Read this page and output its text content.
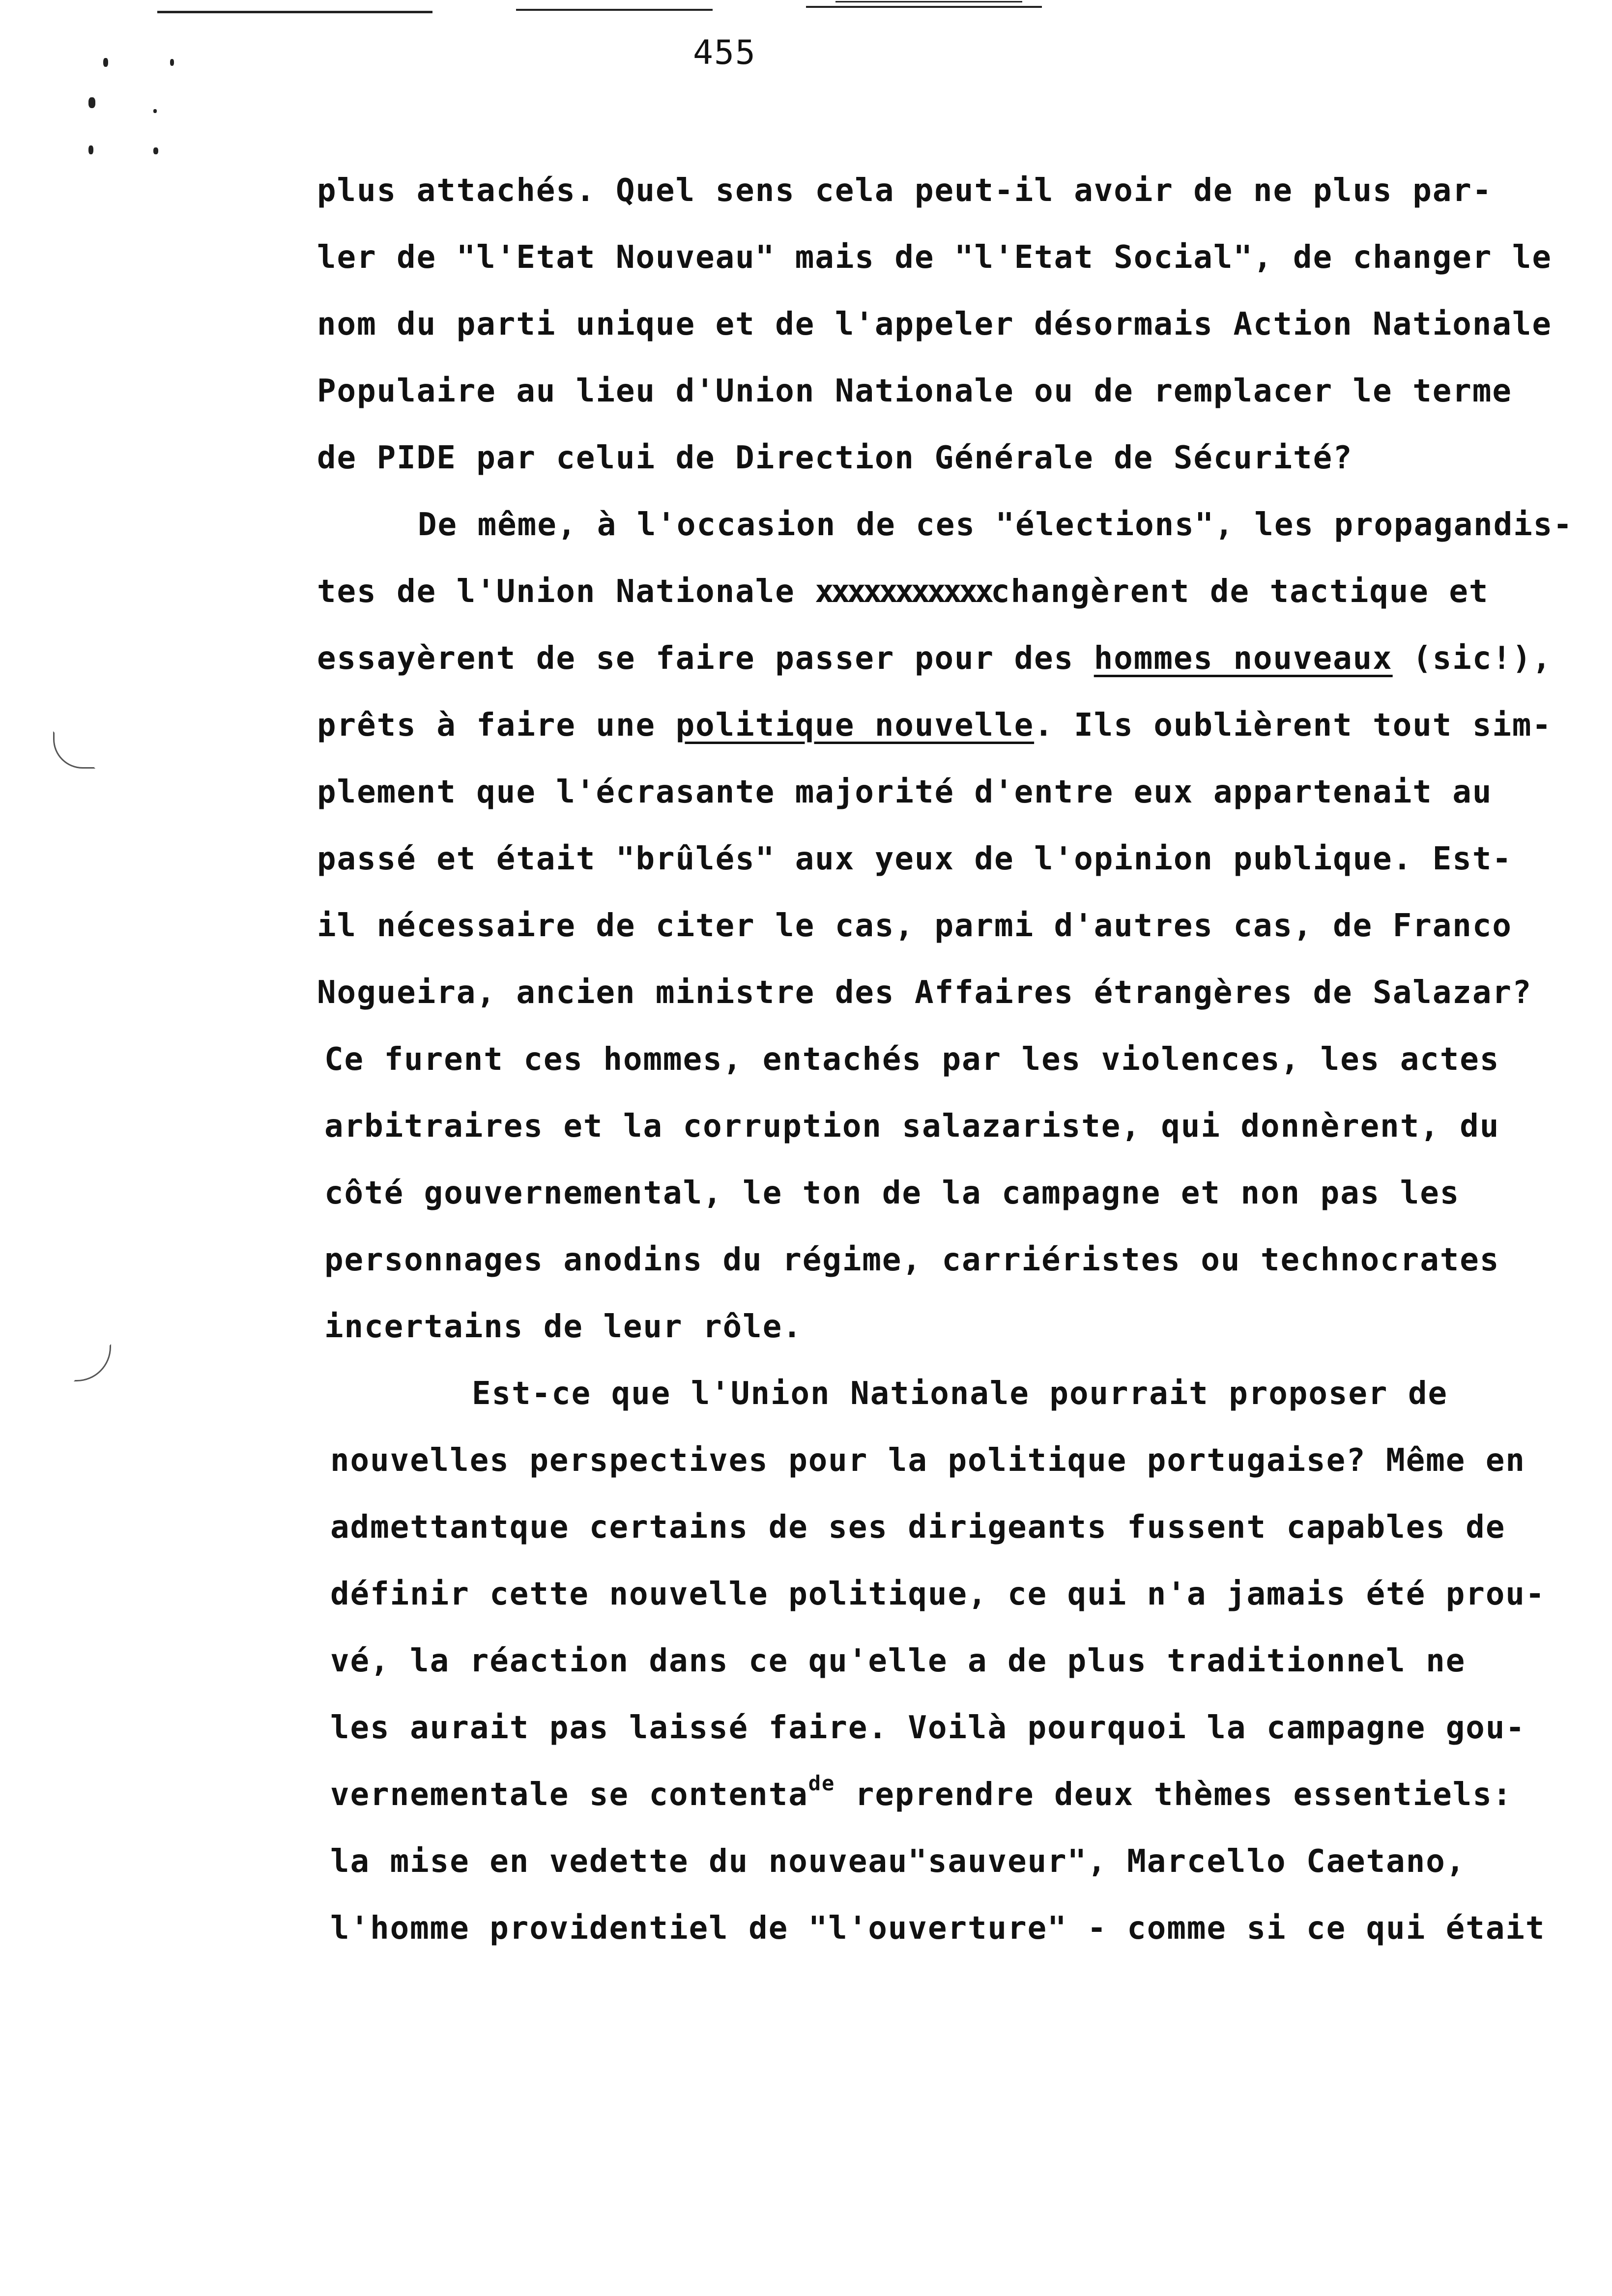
455
plus attachés. Quel sens cela peut-il avoir de ne plus par-
ler de "l'Etat Nouveau" mais de "l'Etat Social", de changer le
nom du parti unique et de l'appeler désormais Action Nationale
Populaire au lieu d'Union Nationale ou de remplacer le terme
de PIDE par celui de Direction Générale de Sécurité?
De même, à l'occasion de ces "élections", les propagandis-
tes de l'Union Nationale xxxxxxxxxxxchangèrent de tactique et
essayèrent de se faire passer pour des hommes nouveaux (sic!),
prêts à faire une politique nouvelle. Ils oublièrent tout sim-
plement que l'écrasante majorité d'entre eux appartenait au
passé et était "brûlés" aux yeux de l'opinion publique. Est-
il nécessaire de citer le cas, parmi d'autres cas, de Franco
Nogueira, ancien ministre des Affaires étrangères de Salazar?
Ce furent ces hommes, entachés par les violences, les actes
arbitraires et la corruption salazariste, qui donnèrent, du
côté gouvernemental, le ton de la campagne et non pas les
personnages anodins du régime, carriéristes ou technocrates
incertains de leur rôle.
Est-ce que l'Union Nationale pourrait proposer de
nouvelles perspectives pour la politique portugaise? Même en
admettantque certains de ses dirigeants fussent capables de
définir cette nouvelle politique, ce qui n'a jamais été prou-
vé, la réaction dans ce qu'elle a de plus traditionnel ne
les aurait pas laissé faire. Voilà pourquoi la campagne gou-
vernementale se contenta$^{de}$ reprendre deux thèmes essentiels:
la mise en vedette du nouveau"sauveur", Marcello Caetano,
l'homme providentiel de "l'ouverture" - comme si ce qui était
